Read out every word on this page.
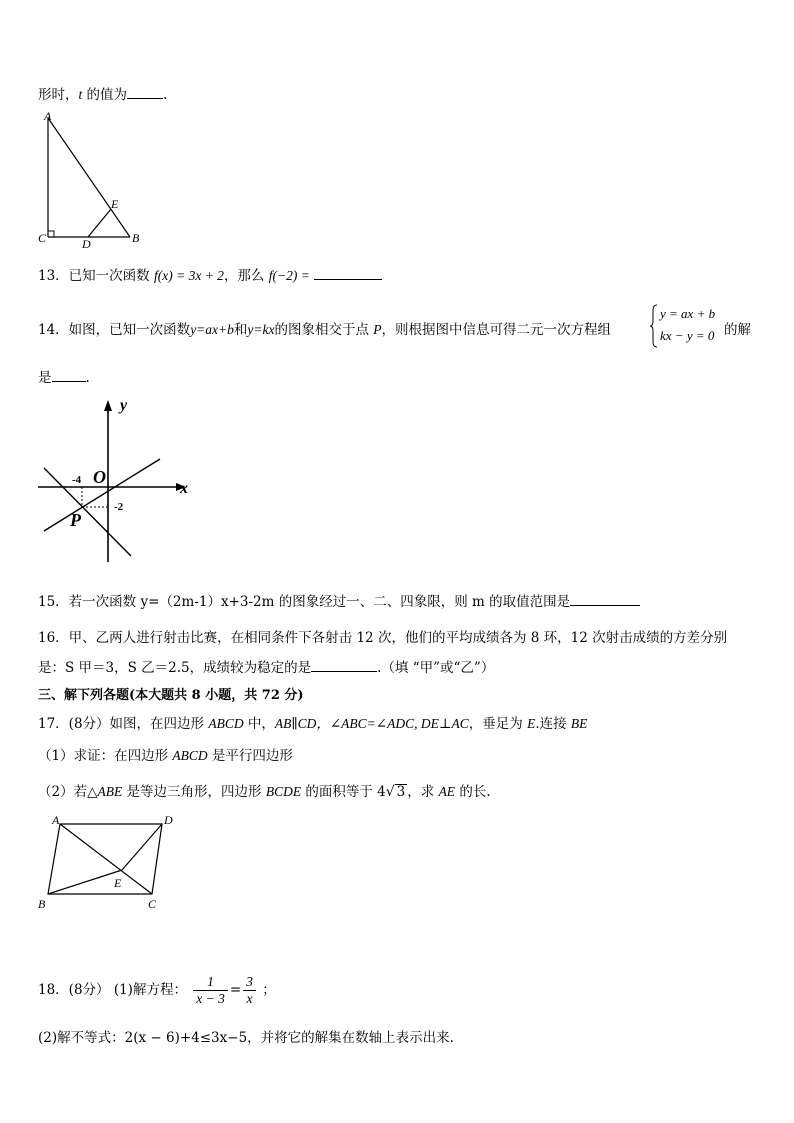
形时，t 的值为	.
A
C	D
E
B
13．已知一次函数 f(x) = 3x + 2，那么 f(−2) =
14．如图，已知一次函数y=ax+b和y=kx的图象相交于点 P，则根据图中信息可得二元一次方程组
y = ax + b
kx − y = 0 的解
是	.
y
O
x
-4
-2
P
15．若一次函数 y=（2m-1）x+3-2m 的图象经过一、二、四象限，则 m 的取值范围是
16．甲、乙两人进行射击比赛，在相同条件下各射击 12 次，他们的平均成绩各为 8 环，12 次射击成绩的方差分别
是：S 甲＝3，S 乙＝2.5，成绩较为稳定的是	.（填 “甲”或“乙”）
三、解下列各题(本大题共 8 小题，共 72 分)
17．(8分）如图，在四边形 ABCD 中，AB∥CD，∠ABC=∠ADC, DE⊥AC，垂足为 E.连接 BE
（1）求证：在四边形 ABCD 是平行四边形
（2）若△ABE 是等边三角形，四边形 BCDE 的面积等于 4√ 3 ，求 AE 的长.
A	D
E
B	C
18．(8分） (1)解方程： $\frac{1}{x - 3} = \frac{3}{x}$ ；
(2)解不等式：2(x − 6)+4≤3x−5，并将它的解集在数轴上表示出来.
